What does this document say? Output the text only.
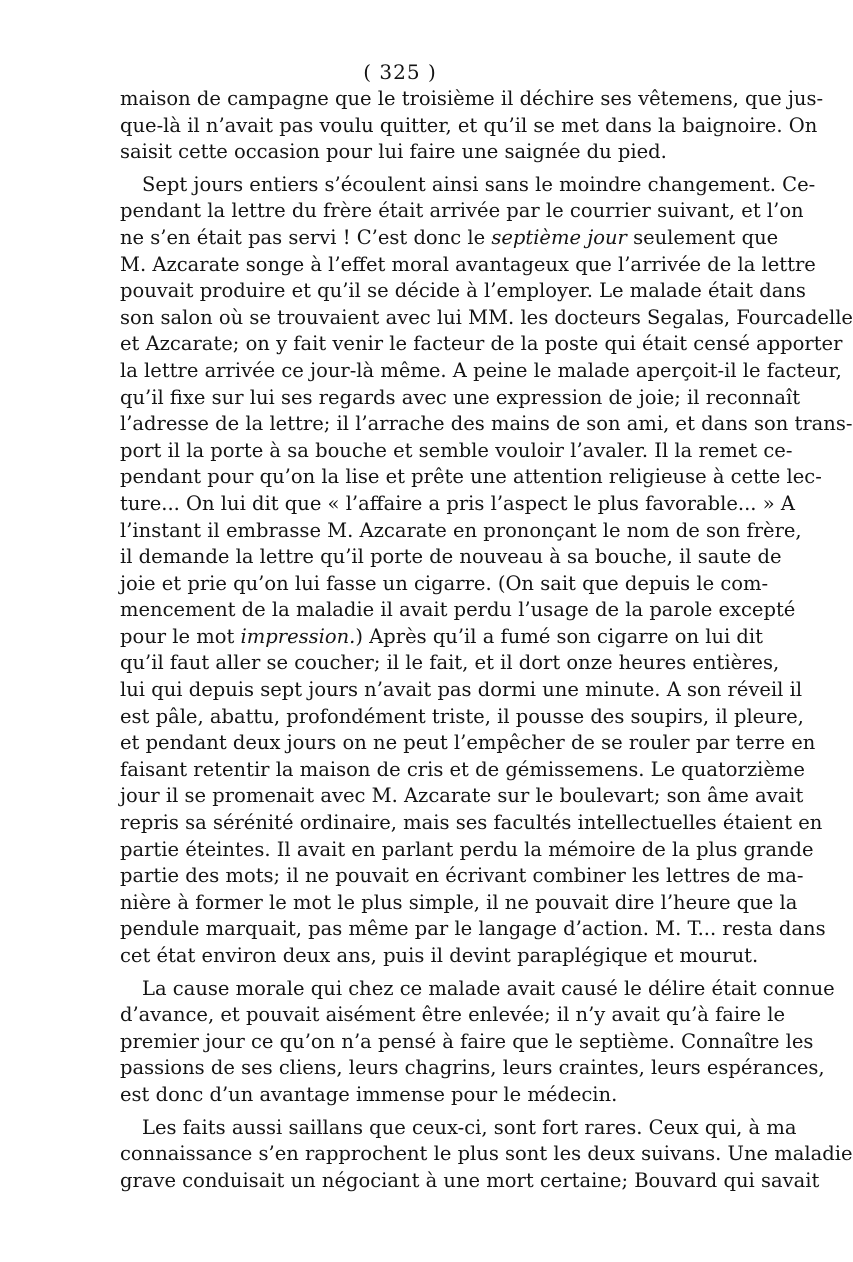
( 325 )
maison de campagne que le troisième il déchire ses vêtemens, que jus-
que-là il n’avait pas voulu quitter, et qu’il se met dans la baignoire. On
saisit cette occasion pour lui faire une saignée du pied.
Sept jours entiers s’écoulent ainsi sans le moindre changement. Ce-
pendant la lettre du frère était arrivée par le courrier suivant, et l’on
ne s’en était pas servi ! C’est donc le septième jour seulement que
M. Azcarate songe à l’effet moral avantageux que l’arrivée de la lettre
pouvait produire et qu’il se décide à l’employer. Le malade était dans
son salon où se trouvaient avec lui MM. les docteurs Segalas, Fourcadelle
et Azcarate; on y fait venir le facteur de la poste qui était censé apporter
la lettre arrivée ce jour-là même. A peine le malade aperçoit-il le facteur,
qu’il fixe sur lui ses regards avec une expression de joie; il reconnaît
l’adresse de la lettre; il l’arrache des mains de son ami, et dans son trans-
port il la porte à sa bouche et semble vouloir l’avaler. Il la remet ce-
pendant pour qu’on la lise et prête une attention religieuse à cette lec-
ture... On lui dit que « l’affaire a pris l’aspect le plus favorable... » A
l’instant il embrasse M. Azcarate en prononçant le nom de son frère,
il demande la lettre qu’il porte de nouveau à sa bouche, il saute de
joie et prie qu’on lui fasse un cigarre. (On sait que depuis le com-
mencement de la maladie il avait perdu l’usage de la parole excepté
pour le mot impression.) Après qu’il a fumé son cigarre on lui dit
qu’il faut aller se coucher; il le fait, et il dort onze heures entières,
lui qui depuis sept jours n’avait pas dormi une minute. A son réveil il
est pâle, abattu, profondément triste, il pousse des soupirs, il pleure,
et pendant deux jours on ne peut l’empêcher de se rouler par terre en
faisant retentir la maison de cris et de gémissemens. Le quatorzième
jour il se promenait avec M. Azcarate sur le boulevart; son âme avait
repris sa sérénité ordinaire, mais ses facultés intellectuelles étaient en
partie éteintes. Il avait en parlant perdu la mémoire de la plus grande
partie des mots; il ne pouvait en écrivant combiner les lettres de ma-
nière à former le mot le plus simple, il ne pouvait dire l’heure que la
pendule marquait, pas même par le langage d’action. M. T... resta dans
cet état environ deux ans, puis il devint paraplégique et mourut.
La cause morale qui chez ce malade avait causé le délire était connue
d’avance, et pouvait aisément être enlevée; il n’y avait qu’à faire le
premier jour ce qu’on n’a pensé à faire que le septième. Connaître les
passions de ses cliens, leurs chagrins, leurs craintes, leurs espérances,
est donc d’un avantage immense pour le médecin.
Les faits aussi saillans que ceux-ci, sont fort rares. Ceux qui, à ma
connaissance s’en rapprochent le plus sont les deux suivans. Une maladie
grave conduisait un négociant à une mort certaine; Bouvard qui savait
